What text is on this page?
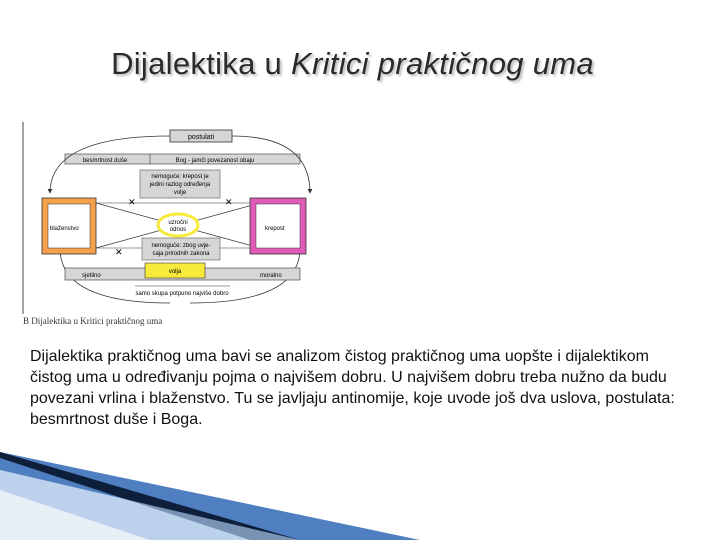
Dijalektika u Kritici praktičnog uma
postulati
besmrtnost duše	Bog - jamči povezanost obaju
nemoguće: krepost je
jedini razlog određenja
volje
✕	✕
✕
blaženstvo	krepost
uzročni
odnos
nemoguće: zbog uvje-
caja prirodnih zakona
sjetilno
volja
moralno
samo skupa potpuno najviše dobro
B Dijalektika u Kritici praktičnog uma
Dijalektika praktičnog uma bavi se analizom čistog praktičnog uma uopšte i dijalektikom čistog uma u određivanju pojma o najvišem dobru. U najvišem dobru treba nužno da budu povezani vrlina i blaženstvo. Tu se javljaju antinomije, koje uvode još dva uslova, postulata: besmrtnost duše i Boga.
